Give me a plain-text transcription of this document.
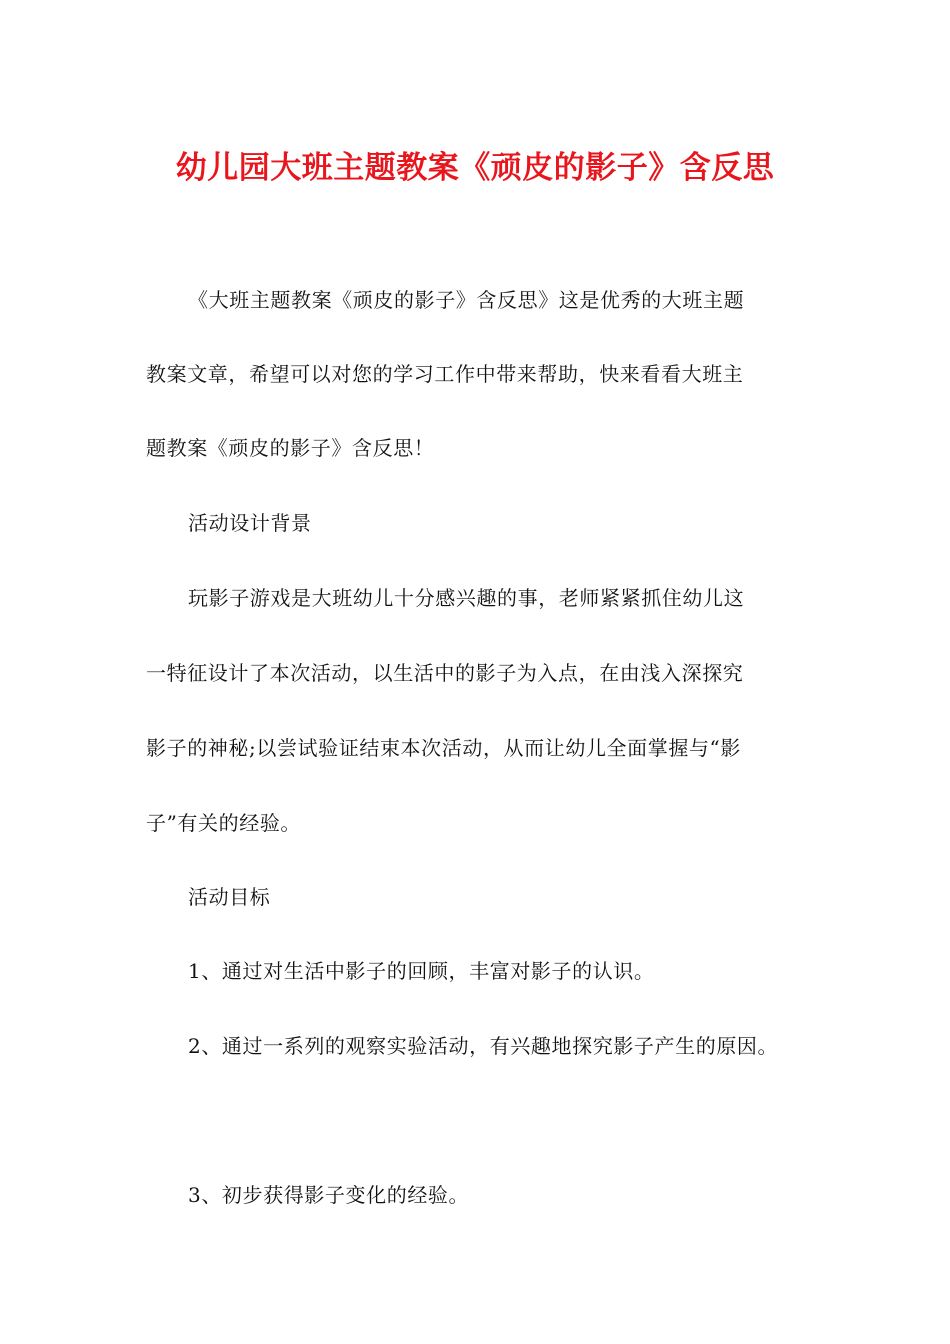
幼儿园大班主题教案《顽皮的影子》含反思
《大班主题教案《顽皮的影子》含反思》这是优秀的大班主题
教案文章，希望可以对您的学习工作中带来帮助，快来看看大班主
题教案《顽皮的影子》含反思！
活动设计背景
玩影子游戏是大班幼儿十分感兴趣的事，老师紧紧抓住幼儿这
一特征设计了本次活动，以生活中的影子为入点，在由浅入深探究
影子的神秘;以尝试验证结束本次活动，从而让幼儿全面掌握与“影
子”有关的经验。
活动目标
1、通过对生活中影子的回顾，丰富对影子的认识。
2、通过一系列的观察实验活动，有兴趣地探究影子产生的原因。
3、初步获得影子变化的经验。
